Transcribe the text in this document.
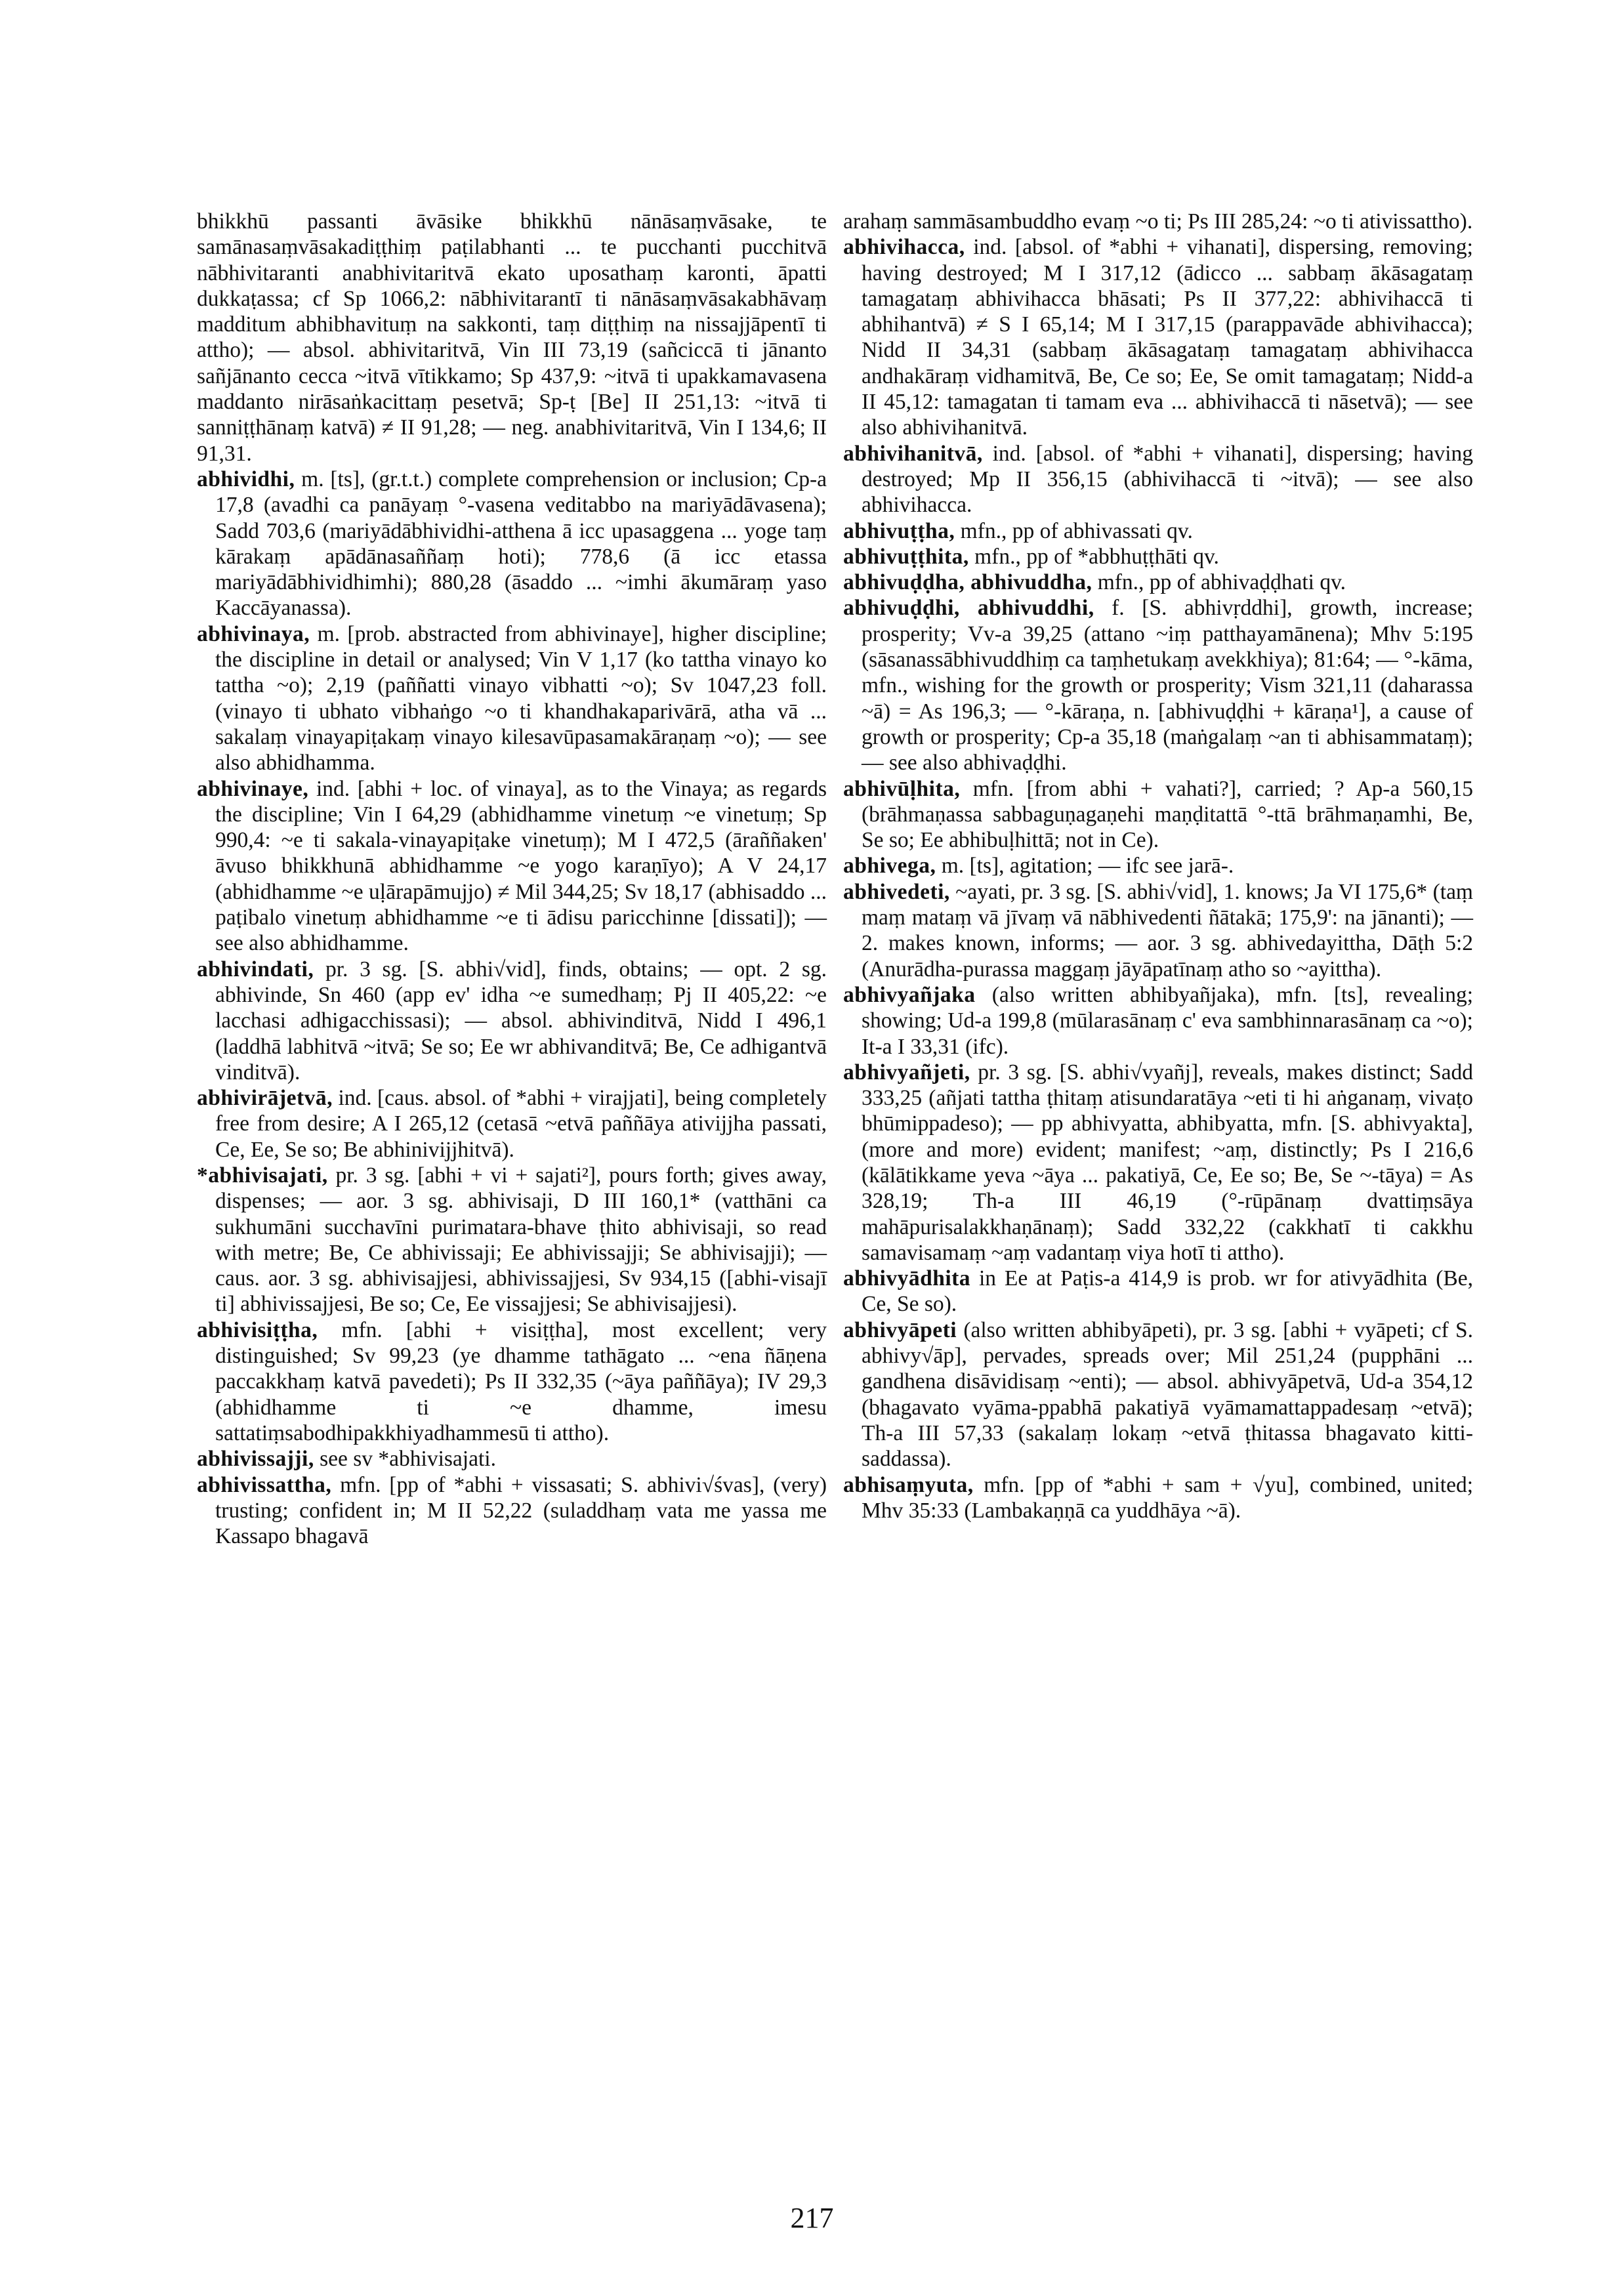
bhikkhū passanti āvāsike bhikkhū nānāsaṃvāsake, te samānasaṃvāsakadiṭṭhiṃ paṭilabhanti ... te pucchanti pucchitvā nābhivitaranti anabhivitaritvā ekato uposathaṃ karonti, āpatti dukkaṭassa; cf Sp 1066,2: nābhivitarantī ti nānāsaṃvāsakabhāvaṃ madditum abhibhavituṃ na sakkonti, taṃ diṭṭhiṃ na nissajjāpentī ti attho); — absol. abhivitaritvā, Vin III 73,19 (sañciccā ti jānanto sañjānanto cecca ~itvā vītikkamo; Sp 437,9: ~itvā ti upakkamavasena maddanto nirāsaṅkacittaṃ pesetvā; Sp-ṭ [Be] II 251,13: ~itvā ti sanniṭṭhānaṃ katvā) ≠ II 91,28; — neg. anabhivitaritvā, Vin I 134,6; II 91,31.

abhividhi, m. [ts], (gr.t.t.) complete comprehension or inclusion; Cp-a 17,8 (avadhi ca panāyaṃ °-vasena veditabbo na mariyādāvasena); Sadd 703,6 (mariyādābhividhi-atthena ā icc upasaggena ... yoge taṃ kārakaṃ apādānasaññaṃ hoti); 778,6 (ā icc etassa mariyādābhividhimhi); 880,28 (āsaddo ... ~imhi ākumāraṃ yaso Kaccāyanassa).

abhivinaya, m. [prob. abstracted from abhivinaye], higher discipline; the discipline in detail or analysed; Vin V 1,17 (ko tattha vinayo ko tattha ~o); 2,19 (paññatti vinayo vibhatti ~o); Sv 1047,23 foll. (vinayo ti ubhato vibhaṅgo ~o ti khandhakaparivārā, atha vā ... sakalaṃ vinayapiṭakaṃ vinayo kilesavūpasamakāraṇaṃ ~o); — see also abhidhamma.

abhivinaye, ind. [abhi + loc. of vinaya], as to the Vinaya; as regards the discipline; Vin I 64,29 (abhidhamme vinetuṃ ~e vinetuṃ; Sp 990,4: ~e ti sakala-vinayapiṭake vinetuṃ); M I 472,5 (āraññaken' āvuso bhikkhunā abhidhamme ~e yogo karaṇīyo); A V 24,17 (abhidhamme ~e uḷārapāmujjo) ≠ Mil 344,25; Sv 18,17 (abhisaddo ... paṭibalo vinetuṃ abhidhamme ~e ti ādisu paricchinne [dissati]); — see also abhidhamme.

abhivindati, pr. 3 sg. [S. abhi√vid], finds, obtains; — opt. 2 sg. abhivinde, Sn 460 (app ev' idha ~e sumedhaṃ; Pj II 405,22: ~e lacchasi adhigacchissasi); — absol. abhivinditvā, Nidd I 496,1 (laddhā labhitvā ~itvā; Se so; Ee wr abhivanditvā; Be, Ce adhigantvā vinditvā).

abhivirājetvā, ind. [caus. absol. of *abhi + virajjati], being completely free from desire; A I 265,12 (cetasā ~etvā paññāya ativijjha passati, Ce, Ee, Se so; Be abhinivijjhitvā).

*abhivisajati, pr. 3 sg. [abhi + vi + sajati²], pours forth; gives away, dispenses; — aor. 3 sg. abhivisaji, D III 160,1* (vatthāni ca sukhumāni succhavīni purimatara-bhave ṭhito abhivisaji, so read with metre; Be, Ce abhivissaji; Ee abhivissajji; Se abhivisajji); — caus. aor. 3 sg. abhivisajjesi, abhivissajjesi, Sv 934,15 ([abhi-visajī ti] abhivissajjesi, Be so; Ce, Ee vissajjesi; Se abhivisajjesi).

abhivisiṭṭha, mfn. [abhi + visiṭṭha], most excellent; very distinguished; Sv 99,23 (ye dhamme tathāgato ... ~ena ñāṇena paccakkhaṃ katvā pavedeti); Ps II 332,35 (~āya paññāya); IV 29,3 (abhidhamme ti ~e dhamme, imesu sattatiṃsabodhipakkhiyadhammesū ti attho).

abhivissajji, see sv *abhivisajati.

abhivissattha, mfn. [pp of *abhi + vissasati; S. abhivi√śvas], (very) trusting; confident in; M II 52,22 (suladdhaṃ vata me yassa me Kassapo bhagavā

arahaṃ sammāsambuddho evaṃ ~o ti; Ps III 285,24: ~o ti ativissattho).

abhivihacca, ind. [absol. of *abhi + vihanati], dispersing, removing; having destroyed; M I 317,12 (ādicco ... sabbaṃ ākāsagataṃ tamagataṃ abhivihacca bhāsati; Ps II 377,22: abhivihaccā ti abhihantvā) ≠ S I 65,14; M I 317,15 (parappavāde abhivihacca); Nidd II 34,31 (sabbaṃ ākāsagataṃ tamagataṃ abhivihacca andhakāraṃ vidhamitvā, Be, Ce so; Ee, Se omit tamagataṃ; Nidd-a II 45,12: tamagatan ti tamam eva ... abhivihaccā ti nāsetvā); — see also abhivihanitvā.

abhivihanitvā, ind. [absol. of *abhi + vihanati], dispersing; having destroyed; Mp II 356,15 (abhivihaccā ti ~itvā); — see also abhivihacca.

abhivuṭṭha, mfn., pp of abhivassati qv.

abhivuṭṭhita, mfn., pp of *abbhuṭṭhāti qv.

abhivuḍḍha, abhivuddha, mfn., pp of abhivaḍḍhati qv.

abhivuḍḍhi, abhivuddhi, f. [S. abhivṛddhi], growth, increase; prosperity; Vv-a 39,25 (attano ~iṃ patthayamānena); Mhv 5:195 (sāsanassābhivuddhiṃ ca taṃhetukaṃ avekkhiya); 81:64; — °-kāma, mfn., wishing for the growth or prosperity; Vism 321,11 (daharassa ~ā) = As 196,3; — °-kāraṇa, n. [abhivuḍḍhi + kāraṇa¹], a cause of growth or prosperity; Cp-a 35,18 (maṅgalaṃ ~an ti abhisammataṃ); — see also abhivaḍḍhi.

abhivūḷhita, mfn. [from abhi + vahati?], carried; ? Ap-a 560,15 (brāhmaṇassa sabbaguṇagaṇehi maṇḍitattā °-ttā brāhmaṇamhi, Be, Se so; Ee abhibuḷhittā; not in Ce).

abhivega, m. [ts], agitation; — ifc see jarā-.

abhivedeti, ~ayati, pr. 3 sg. [S. abhi√vid], 1. knows; Ja VI 175,6* (taṃ maṃ mataṃ vā jīvaṃ vā nābhivedenti ñātakā; 175,9': na jānanti); — 2. makes known, informs; — aor. 3 sg. abhivedayittha, Dāṭh 5:2 (Anurādha-purassa maggaṃ jāyāpatīnaṃ atho so ~ayittha).

abhivyañjaka (also written abhibyañjaka), mfn. [ts], revealing; showing; Ud-a 199,8 (mūlarasānaṃ c' eva sambhinnarasānaṃ ca ~o); It-a I 33,31 (ifc).

abhivyañjeti, pr. 3 sg. [S. abhi√vyañj], reveals, makes distinct; Sadd 333,25 (añjati tattha ṭhitaṃ atisundaratāya ~eti ti hi aṅganaṃ, vivaṭo bhūmippadeso); — pp abhivyatta, abhibyatta, mfn. [S. abhivyakta], (more and more) evident; manifest; ~aṃ, distinctly; Ps I 216,6 (kālātikkame yeva ~āya ... pakatiyā, Ce, Ee so; Be, Se ~-tāya) = As 328,19; Th-a III 46,19 (°-rūpānaṃ dvattiṃsāya mahāpurisalakkhaṇānaṃ); Sadd 332,22 (cakkhatī ti cakkhu samavisamaṃ ~aṃ vadantaṃ viya hotī ti attho).

abhivyādhita in Ee at Paṭis-a 414,9 is prob. wr for ativyādhita (Be, Ce, Se so).

abhivyāpeti (also written abhibyāpeti), pr. 3 sg. [abhi + vyāpeti; cf S. abhivy√āp], pervades, spreads over; Mil 251,24 (pupphāni ... gandhena disāvidisaṃ ~enti); — absol. abhivyāpetvā, Ud-a 354,12 (bhagavato vyāma-ppabhā pakatiyā vyāmamattappadesaṃ ~etvā); Th-a III 57,33 (sakalaṃ lokaṃ ~etvā ṭhitassa bhagavato kitti-saddassa).

abhisaṃyuta, mfn. [pp of *abhi + sam + √yu], combined, united; Mhv 35:33 (Lambakaṇṇā ca yuddhāya ~ā).

217
